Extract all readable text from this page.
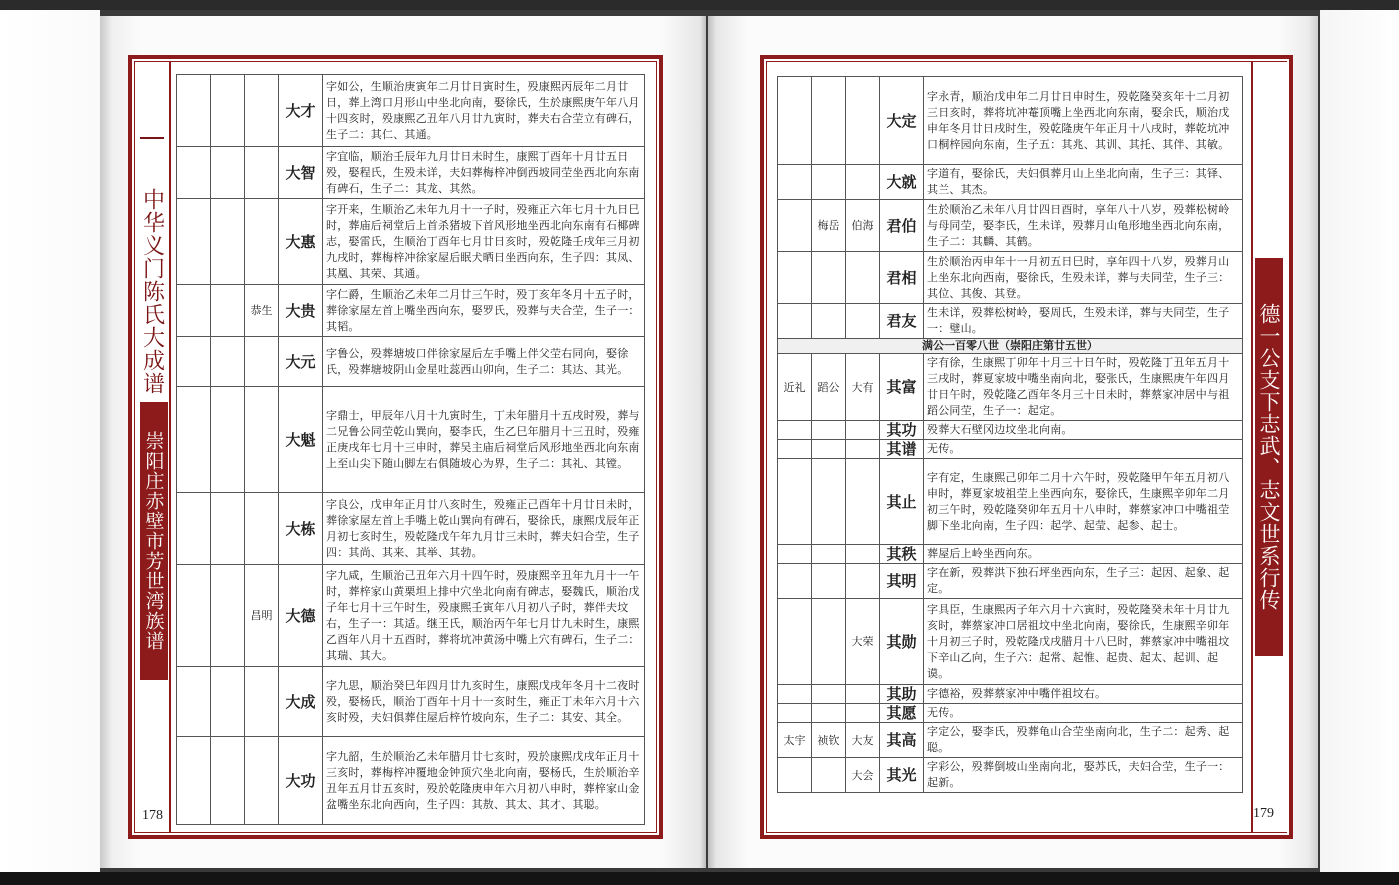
中华义门陈氏大成谱
崇阳庄赤壁市芳世湾族谱
178
			大才	字如公，生顺治庚寅年二月廿日寅时生，殁康熙丙辰年二月廿日，葬上湾口月形山中坐北向南，娶徐氏，生於康熙庚午年八月十四亥时，殁康熙乙丑年八月廿九寅时，葬夫右合茔立有碑石，生子二：其仁、其通。
			大智	字宜临，顺治壬辰年九月廿日未时生，康熙丁酉年十月廿五日殁，娶程氏，生殁未详，夫妇葬梅梓冲倒西坡同茔坐西北向东南有碑石，生子二：其龙、其然。
			大惠	字开来，生顺治乙未年九月十一子时，殁雍正六年七月十九日巳时，葬庙后祠堂后上首杀猪坡下首风形地坐西北向东南有石椰碑志，娶雷氏，生顺治丁酉年七月廿日亥时，殁乾隆壬戌年三月初九戌时，葬梅梓冲徐家屋后眠犬晒日坐西向东，生子四：其凤、其凰、其荣、其通。
		恭生	大贵	字仁爵，生顺治乙未年二月廿三午时，殁丁亥年冬月十五子时，葬徐家屋左首上嘴坐西向东，娶罗氏，殁葬与夫合茔，生子一：其韬。
			大元	字鲁公，殁葬塘坡口伴徐家屋后左手嘴上伴父茔右同向，娶徐氏，殁葬塘坡阴山金星吐蕊西山卯向，生子二：其达、其光。
			大魁	字鼎士，甲辰年八月十九寅时生，丁未年腊月十五戌时殁，葬与二兄鲁公同茔乾山巽向，娶李氏，生乙巳年腊月十三丑时，殁雍正庚戌年七月十三申时，葬吴主庙后祠堂后风形地坐西北向东南上至山尖下随山脚左右俱随坡心为界，生子二：其礼、其镗。
			大栋	字良公，戊申年正月廿八亥时生，殁雍正己酉年十月廿日未时，葬徐家屋左首上手嘴上乾山巽向有碑石，娶徐氏，康熙戊辰年正月初七亥时生，殁乾隆戊午年九月廿三未时，葬夫妇合茔，生子四：其尚、其来、其举、其勃。
		昌明	大德	字九咸，生顺治己丑年六月十四午时，殁康熙辛丑年九月十一午时，葬梓家山黄栗坦上排中穴坐北向南有碑志，娶魏氏，顺治戊子年七月十三午时生，殁康熙壬寅年八月初八子时，葬伴夫坟右，生子一：其适。继王氏，顺治丙午年七月廿九未时生，康熙乙酉年八月十五酉时，葬将坑冲黄汤中嘴上穴有碑石，生子二：其瑞、其大。
			大成	字九思，顺治癸巳年四月廿九亥时生，康熙戊戌年冬月十二夜时殁，娶杨氏，顺治丁酉年十月十一亥时生，雍正丁未年六月十六亥时殁，夫妇俱葬住屋后梓竹坡向东，生子二：其安、其全。
			大功	字九韶，生於顺治乙未年腊月廿七亥时，殁於康熙戊戌年正月十三亥时，葬梅梓冲覆地金钟顶穴坐北向南，娶杨氏，生於顺治辛丑年五月廿五亥时，殁於乾隆庚申年六月初八申时，葬梓家山金盆嘴坐东北向西向，生子四：其敖、其太、其才、其聪。
德一公支下志武、志文世系行传
179
			大定	字永青，顺治戊申年二月廿日申时生，殁乾隆癸亥年十二月初三日亥时，葬将坑冲菴顶嘴上坐西北向东南，娶余氏，顺治戊申年冬月廿日戌时生，殁乾隆庚午年正月十八戌时，葬乾坑冲口桐梓园向东南，生子五：其兆、其训、其托、其伴、其敏。
			大就	字道有，娶徐氏，夫妇俱葬月山上坐北向南，生子三：其铎、其兰、其杰。
	梅岳	伯海	君伯	生於顺治乙未年八月廿四日酉时，享年八十八岁，殁葬松树岭与母同茔，娶李氏，生未详，殁葬月山龟形地坐西北向东南，生子二：其麟、其鹤。
			君相	生於顺治丙申年十一月初五日巳时，享年四十八岁，殁葬月山上坐东北向西南，娶徐氏，生殁未详，葬与夫同茔，生子三：其位、其俊、其登。
			君友	生未详，殁葬松树岭，娶周氏，生殁未详，葬与夫同茔，生子一：璧山。
满公一百零八世（崇阳庄第廿五世）				
近礼	蹈公	大有	其富	字有徐，生康熙丁卯年十月三十日午时，殁乾隆丁丑年五月十三戌时，葬夏家坡中嘴坐南向北，娶张氏，生康熙庚午年四月廿日午时，殁乾隆乙酉年冬月三十日未时，葬蔡家冲居中与祖蹈公同茔，生子一：起定。
			其功	殁葬大石壁冈边坟坐北向南。
			其谱	无传。
			其止	字有定，生康熙己卯年二月十六午时，殁乾隆甲午年五月初八申时，葬夏家坡祖茔上坐西向东，娶徐氏，生康熙辛卯年二月初三午时，殁乾隆癸卯年五月十八申时，葬蔡家冲口中嘴祖茔脚下坐北向南，生子四：起学、起莹、起参、起士。
			其秩	葬屋后上岭坐西向东。
			其明	字在新，殁葬洪下独石坪坐西向东，生子三：起因、起象、起定。
		大荣	其勋	字具臣，生康熙丙子年六月十六寅时，殁乾隆癸未年十月廿九亥时，葬蔡家冲口居祖坟中坐北向南，娶徐氏，生康熙辛卯年十月初三子时，殁乾隆戊戌腊月十八巳时，葬蔡家冲中嘴祖坟下辛山乙向，生子六：起常、起惟、起贵、起太、起训、起谟。
			其助	字德裕，殁葬蔡家冲中嘴伴祖坟右。
			其愿	无传。
太宇	祯钦	大友	其高	字定公，娶李氏，殁葬龟山合茔坐南向北，生子二：起秀、起聪。
		大会	其光	字彩公，殁葬倒坡山坐南向北，娶苏氏，夫妇合茔，生子一：起新。
